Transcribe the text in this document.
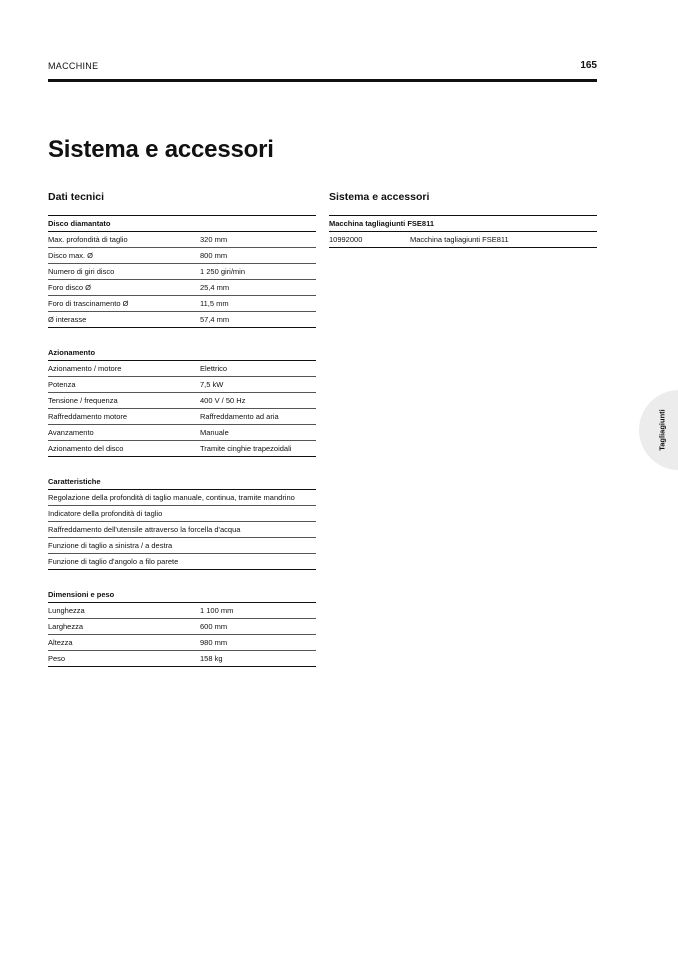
MACCHINE	165
Sistema e accessori
Dati tecnici
Disco diamantato
Max. profondità di taglio	320 mm
Disco max. Ø	800 mm
Numero di giri disco	1 250 giri/min
Foro disco Ø	25,4 mm
Foro di trascinamento Ø	11,5 mm
Ø interasse	57,4 mm
Azionamento
Azionamento / motore	Elettrico
Potenza	7,5 kW
Tensione / frequenza	400 V / 50 Hz
Raffreddamento motore	Raffreddamento ad aria
Avanzamento	Manuale
Azionamento del disco	Tramite cinghie trapezoidali
Caratteristiche
Regolazione della profondità di taglio manuale, continua, tramite mandrino
Indicatore della profondità di taglio
Raffreddamento dell'utensile attraverso la forcella d'acqua
Funzione di taglio a sinistra / a destra
Funzione di taglio d'angolo a filo parete
Dimensioni e peso
Lunghezza	1 100 mm
Larghezza	600 mm
Altezza	980 mm
Peso	158 kg
Sistema e accessori
Macchina tagliagiunti FSE811
10992000	Macchina tagliagiunti FSE811
Tagliagiunti
